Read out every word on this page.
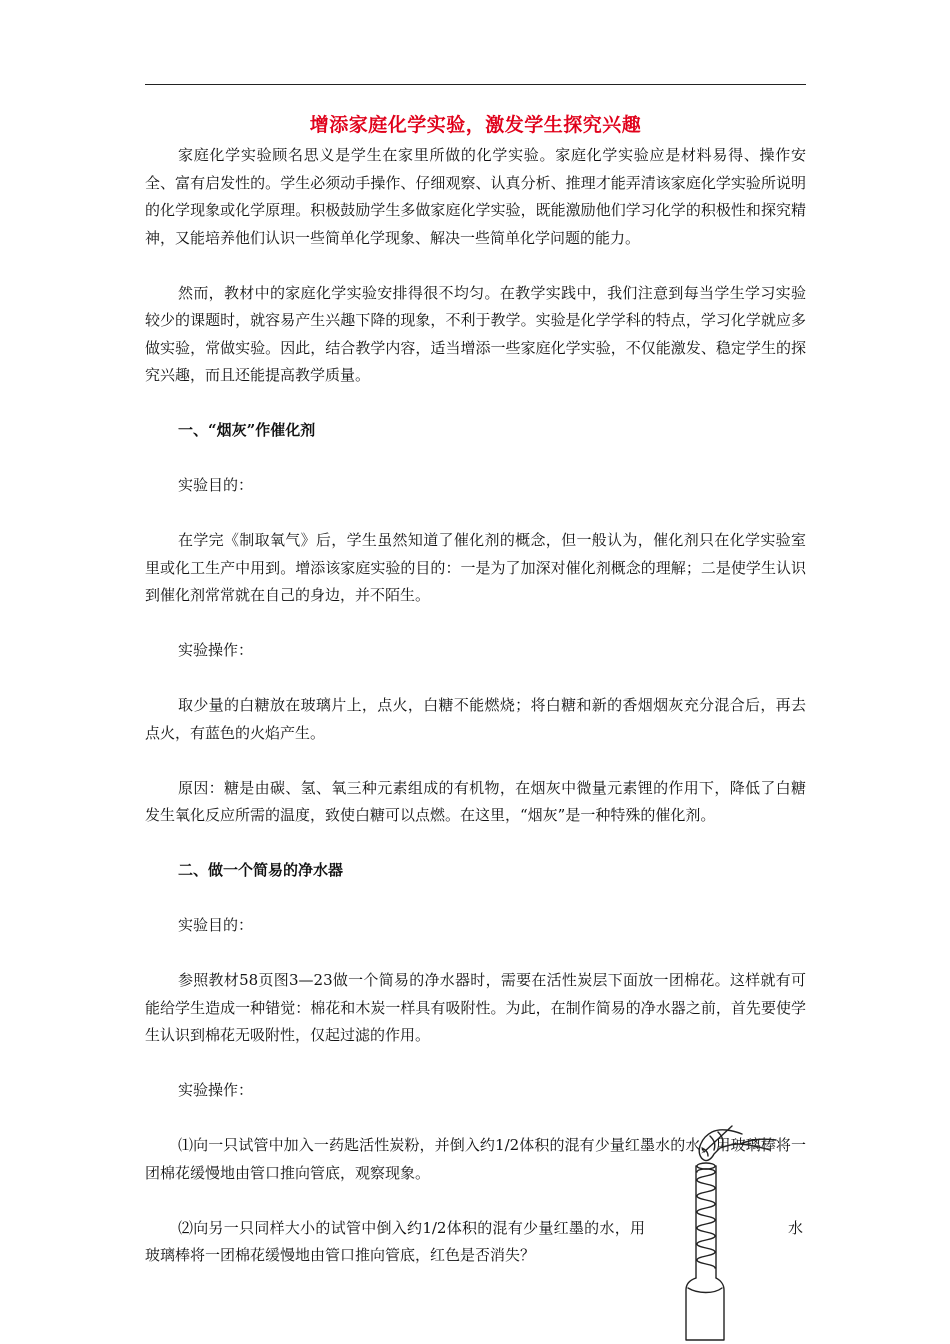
增添家庭化学实验，激发学生探究兴趣

家庭化学实验顾名思义是学生在家里所做的化学实验。家庭化学实验应是材料易得、操作安全、富有启发性的。学生必须动手操作、仔细观察、认真分析、推理才能弄清该家庭化学实验所说明的化学现象或化学原理。积极鼓励学生多做家庭化学实验，既能激励他们学习化学的积极性和探究精神，又能培养他们认识一些简单化学现象、解决一些简单化学问题的能力。

然而，教材中的家庭化学实验安排得很不均匀。在教学实践中，我们注意到每当学生学习实验较少的课题时，就容易产生兴趣下降的现象，不利于教学。实验是化学学科的特点，学习化学就应多做实验，常做实验。因此，结合教学内容，适当增添一些家庭化学实验，不仅能激发、稳定学生的探究兴趣，而且还能提高教学质量。

一、“烟灰”作催化剂

实验目的：

在学完《制取氧气》后，学生虽然知道了催化剂的概念，但一般认为，催化剂只在化学实验室里或化工生产中用到。增添该家庭实验的目的：一是为了加深对催化剂概念的理解；二是使学生认识到催化剂常常就在自己的身边，并不陌生。

实验操作：

取少量的白糖放在玻璃片上，点火，白糖不能燃烧；将白糖和新的香烟烟灰充分混合后，再去点火，有蓝色的火焰产生。

原因：糖是由碳、氢、氧三种元素组成的有机物，在烟灰中微量元素锂的作用下，降低了白糖发生氧化反应所需的温度，致使白糖可以点燃。在这里，“烟灰”是一种特殊的催化剂。

二、做一个简易的净水器

实验目的：

参照教材58页图3—23做一个简易的净水器时，需要在活性炭层下面放一团棉花。这样就有可能给学生造成一种错觉：棉花和木炭一样具有吸附性。为此，在制作简易的净水器之前，首先要使学生认识到棉花无吸附性，仅起过滤的作用。

实验操作：

⑴向一只试管中加入一药匙活性炭粉，并倒入约1/2体积的混有少量红墨水的水，用玻璃棒将一团棉花缓慢地由管口推向管底，观察现象。

⑵向另一只同样大小的试管中倒入约1/2体积的混有少量红墨的水，用玻璃棒将一团棉花缓慢地由管口推向管底，红色是否消失？

水
